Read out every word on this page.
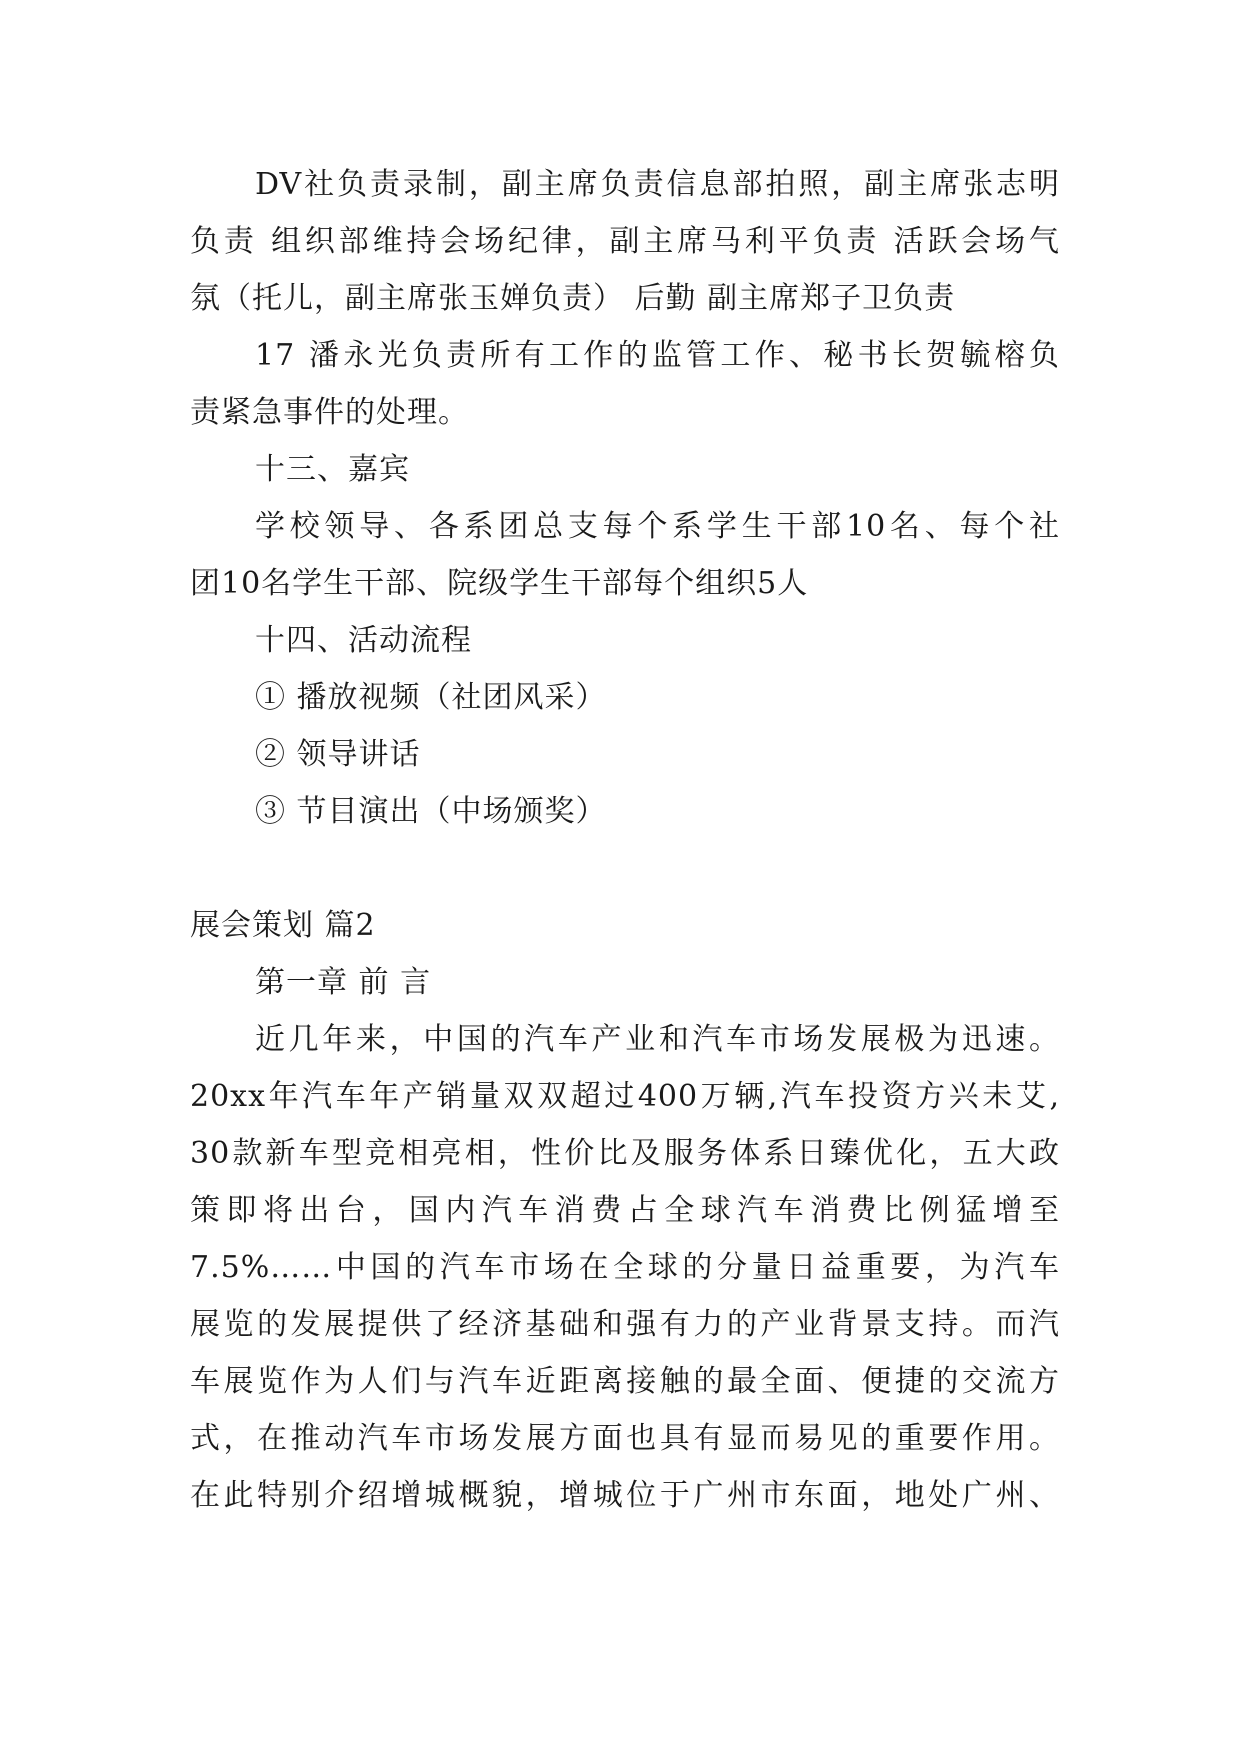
DV社负责录制，副主席负责信息部拍照，副主席张志明
负责 组织部维持会场纪律，副主席马利平负责 活跃会场气
氛（托儿，副主席张玉婵负责） 后勤 副主席郑子卫负责
17 潘永光负责所有工作的监管工作、秘书长贺毓榕负
责紧急事件的处理。
十三、嘉宾
学校领导、各系团总支每个系学生干部10名、每个社
团10名学生干部、院级学生干部每个组织5人
十四、活动流程
① 播放视频（社团风采）
② 领导讲话
③ 节目演出（中场颁奖）
展会策划 篇2
第一章 前 言
近几年来，中国的汽车产业和汽车市场发展极为迅速。
20xx年汽车年产销量双双超过400万辆,汽车投资方兴未艾,
30款新车型竞相亮相，性价比及服务体系日臻优化，五大政
策即将出台，国内汽车消费占全球汽车消费比例猛增至
7.5%……中国的汽车市场在全球的分量日益重要，为汽车
展览的发展提供了经济基础和强有力的产业背景支持。而汽
车展览作为人们与汽车近距离接触的最全面、便捷的交流方
式，在推动汽车市场发展方面也具有显而易见的重要作用。
在此特别介绍增城概貌，增城位于广州市东面，地处广州、
